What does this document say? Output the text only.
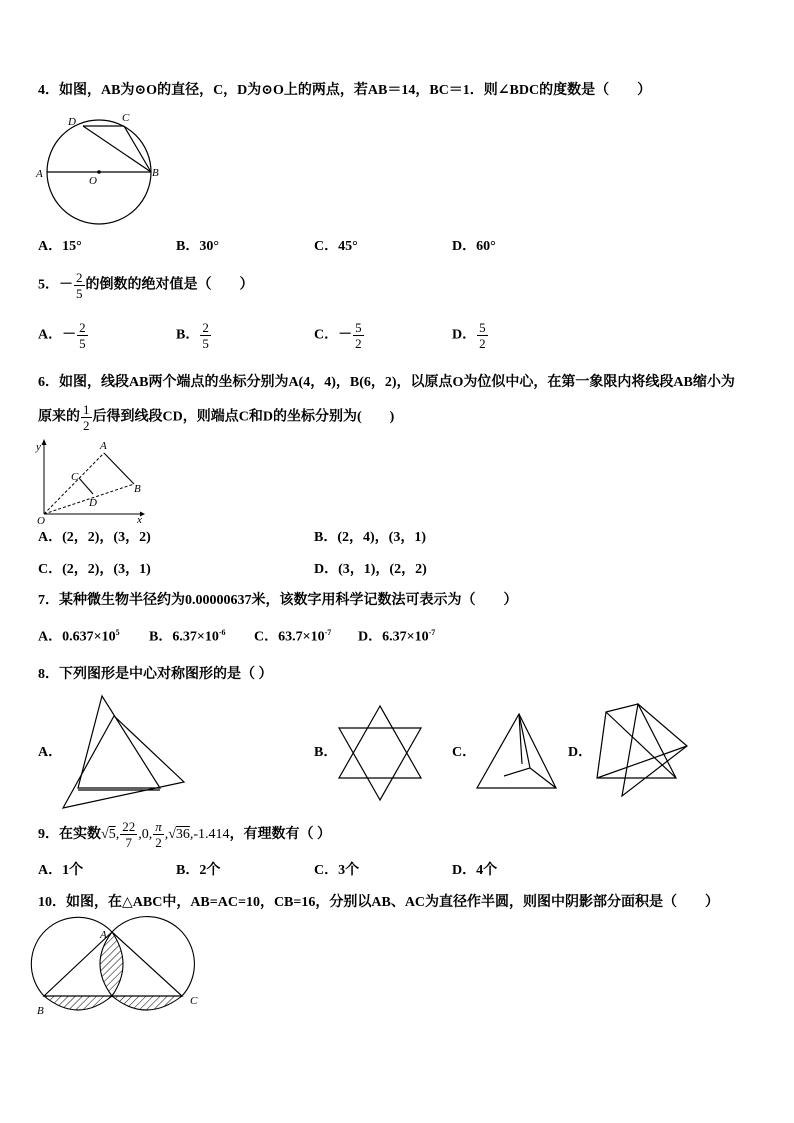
4．如图，AB为⊙O的直径，C，D为⊙O上的两点，若AB＝14，BC＝1．则∠BDC的度数是（　　）
A	B
C
D
O
A．15°	B．30°	C．45°	D．60°
5．－ $\frac{2}{5}$ 的倒数的绝对值是（　　）
A．－ $\frac{2}{5}$	B． $\frac{2}{5}$	C．－ $\frac{5}{2}$	D． $\frac{5}{2}$
6．如图，线段AB两个端点的坐标分别为A(4，4)，B(6，2)，以原点O为位似中心，在第一象限内将线段AB缩小为
原来的 $\frac{1}{2}$ 后得到线段CD，则端点C和D的坐标分别为(　　)
y
x
O
A
B
C
D
A．(2，2)，(3，2)	B．(2，4)，(3，1)
C．(2，2)，(3，1)	D．(3，1)，(2，2)
7．某种微生物半径约为0.00000637米，该数字用科学记数法可表示为（　　）
A．$0.637\times 10^5$ B．$6.37\times 10^{-6}$ C．$63.7\times 10^{-7}$ D．$6.37\times 10^{-7}$
8．下列图形是中心对称图形的是（ ）
A．	B．	C．	D．
9．在实数√5, $\frac{22}{7} ,0$, $\frac{\pi}{2} ,√36,-1.414$，有理数有（ ）
A．1个	B．2个	C．3个	D．4个
10．如图，在△ABC中，AB=AC=10，CB=16，分别以AB、AC为直径作半圆，则图中阴影部分面积是（　　）
A
B
C
